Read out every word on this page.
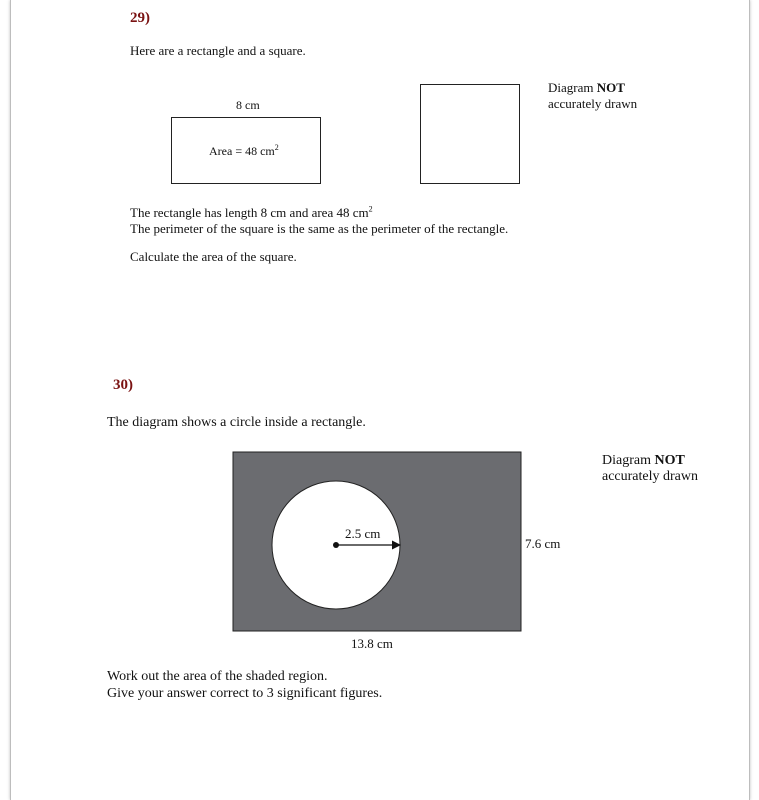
29)
Here are a rectangle and a square.
8 cm
Area = 48 $cm^2$
Diagram NOT
accurately drawn
The rectangle has length 8 cm and area 48 $cm^2$
The perimeter of the square is the same as the perimeter of the rectangle.
Calculate the area of the square.
30)
The diagram shows a circle inside a rectangle.
2.5 cm
7.6 cm
13.8 cm
Diagram NOT
accurately drawn
Work out the area of the shaded region.
Give your answer correct to 3 significant figures.
